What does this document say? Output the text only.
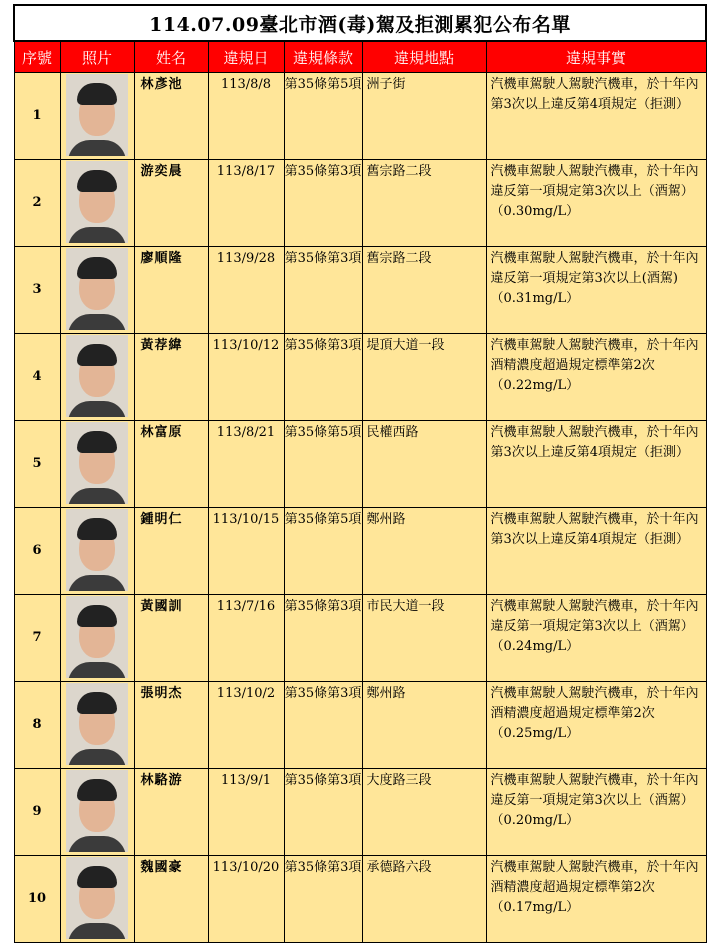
114.07.09臺北市酒(毒)駕及拒測累犯公布名單						
序號	照片	姓名	違規日	違規條款	違規地點	違規事實
1		林彥池	113/8/8	第35條第5項	洲子街	汽機車駕駛人駕駛汽機車，於十年內第3次以上違反第4項規定（拒測）
2		游奕晨	113/8/17	第35條第3項	舊宗路二段	汽機車駕駛人駕駛汽機車，於十年內違反第一項規定第3次以上（酒駕）（0.30mg/L）
3		廖順隆	113/9/28	第35條第3項	舊宗路二段	汽機車駕駛人駕駛汽機車，於十年內違反第一項規定第3次以上(酒駕)（0.31mg/L）
4		黃荐緯	113/10/12	第35條第3項	堤頂大道一段	汽機車駕駛人駕駛汽機車，於十年內酒精濃度超過規定標準第2次（0.22mg/L）
5		林富原	113/8/21	第35條第5項	民權西路	汽機車駕駛人駕駛汽機車，於十年內第3次以上違反第4項規定（拒測）
6		鍾明仁	113/10/15	第35條第5項	鄭州路	汽機車駕駛人駕駛汽機車，於十年內第3次以上違反第4項規定（拒測）
7		黃國訓	113/7/16	第35條第3項	市民大道一段	汽機車駕駛人駕駛汽機車，於十年內違反第一項規定第3次以上（酒駕）（0.24mg/L）
8		張明杰	113/10/2	第35條第3項	鄭州路	汽機車駕駛人駕駛汽機車，於十年內酒精濃度超過規定標準第2次（0.25mg/L）
9		林駱游	113/9/1	第35條第3項	大度路三段	汽機車駕駛人駕駛汽機車，於十年內違反第一項規定第3次以上（酒駕）（0.20mg/L）
10		魏國豪	113/10/20	第35條第3項	承德路六段	汽機車駕駛人駕駛汽機車，於十年內酒精濃度超過規定標準第2次（0.17mg/L）
